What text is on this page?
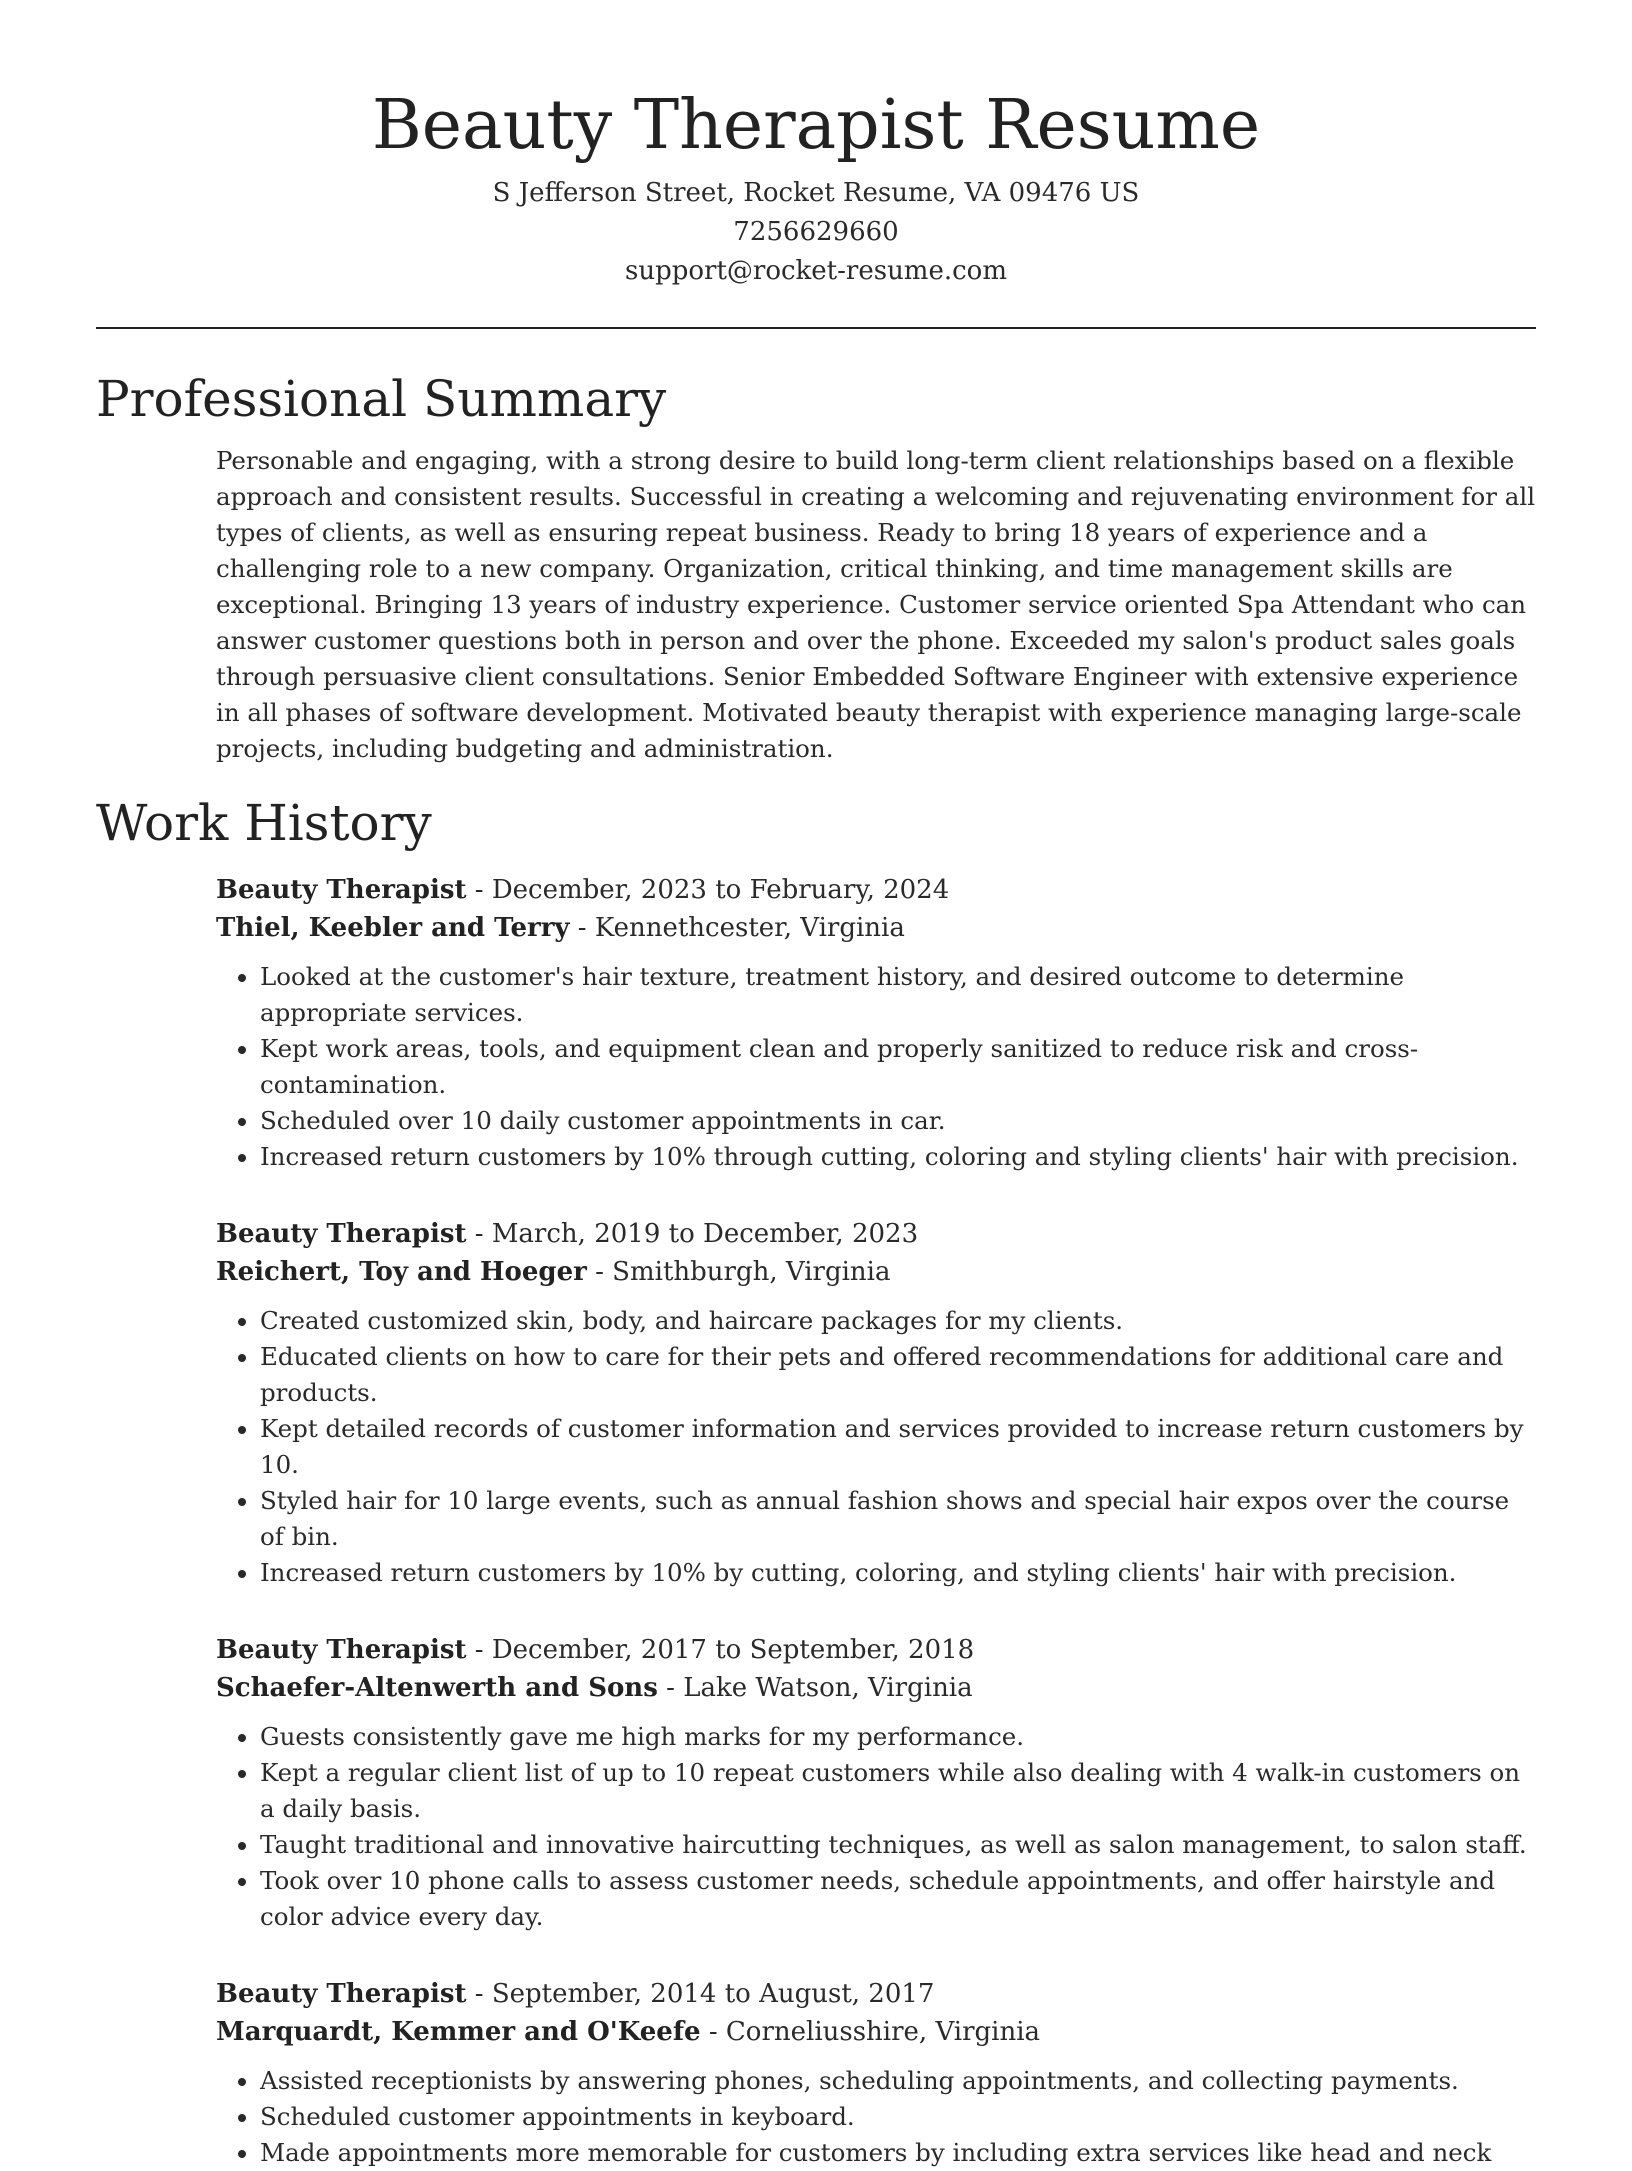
Beauty Therapist Resume
S Jefferson Street, Rocket Resume, VA 09476 US
7256629660
support@rocket-resume.com
Professional Summary

Personable and engaging, with a strong desire to build long-term client relationships based on a flexible approach and consistent results. Successful in creating a welcoming and rejuvenating environment for all types of clients, as well as ensuring repeat business. Ready to bring 18 years of experience and a challenging role to a new company. Organization, critical thinking, and time management skills are exceptional. Bringing 13 years of industry experience. Customer service oriented Spa Attendant who can answer customer questions both in person and over the phone. Exceeded my salon's product sales goals through persuasive client consultations. Senior Embedded Software Engineer with extensive experience in all phases of software development. Motivated beauty therapist with experience managing large-scale projects, including budgeting and administration.

Work History
Beauty Therapist - December, 2023 to February, 2024
Thiel, Keebler and Terry - Kennethcester, Virginia
• Looked at the customer's hair texture, treatment history, and desired outcome to determine appropriate services.
• Kept work areas, tools, and equipment clean and properly sanitized to reduce risk and cross-contamination.
• Scheduled over 10 daily customer appointments in car.
• Increased return customers by 10% through cutting, coloring and styling clients' hair with precision.
Beauty Therapist - March, 2019 to December, 2023
Reichert, Toy and Hoeger - Smithburgh, Virginia
• Created customized skin, body, and haircare packages for my clients.
• Educated clients on how to care for their pets and offered recommendations for additional care and products.
• Kept detailed records of customer information and services provided to increase return customers by 10.
• Styled hair for 10 large events, such as annual fashion shows and special hair expos over the course of bin.
• Increased return customers by 10% by cutting, coloring, and styling clients' hair with precision.
Beauty Therapist - December, 2017 to September, 2018
Schaefer-Altenwerth and Sons - Lake Watson, Virginia
• Guests consistently gave me high marks for my performance.
• Kept a regular client list of up to 10 repeat customers while also dealing with 4 walk-in customers on a daily basis.
• Taught traditional and innovative haircutting techniques, as well as salon management, to salon staff.
• Took over 10 phone calls to assess customer needs, schedule appointments, and offer hairstyle and color advice every day.
Beauty Therapist - September, 2014 to August, 2017
Marquardt, Kemmer and O'Keefe - Corneliusshire, Virginia
• Assisted receptionists by answering phones, scheduling appointments, and collecting payments.
• Scheduled customer appointments in keyboard.
• Made appointments more memorable for customers by including extra services like head and neck
